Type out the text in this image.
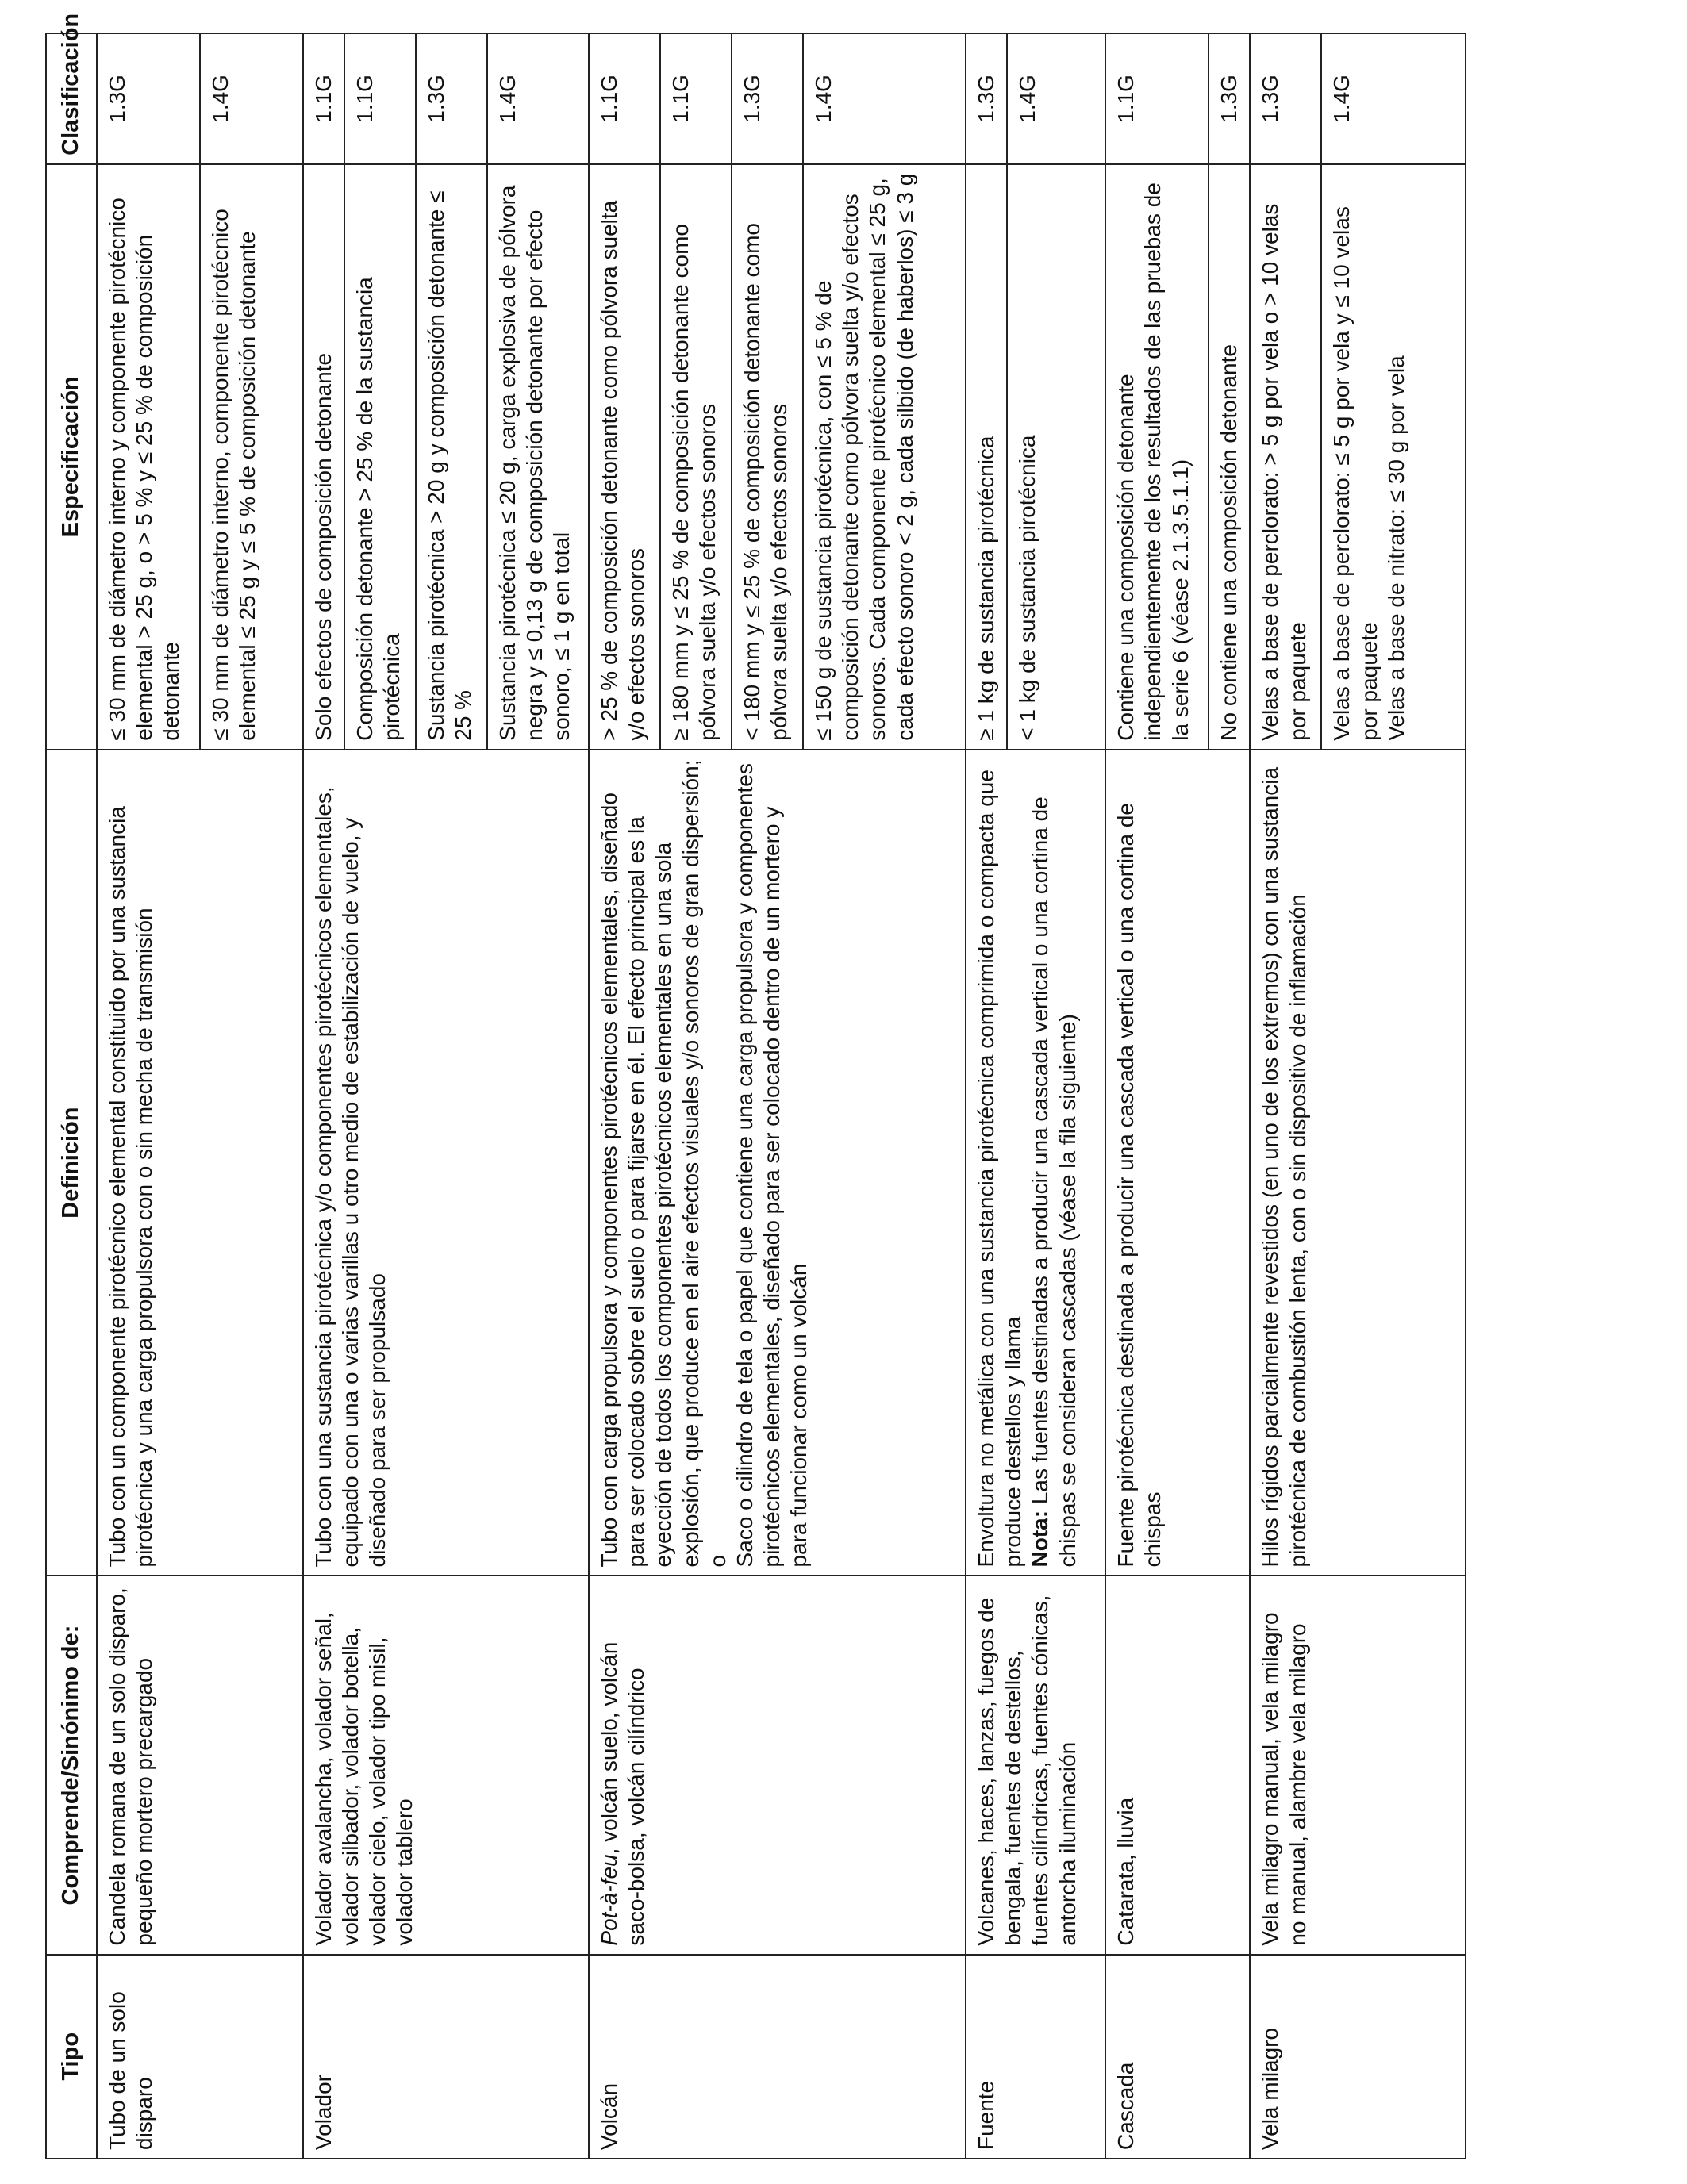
Tipo	Comprende/Sinónimo de:	Definición	Especificación	Clasificación
Tubo de un solo disparo	Candela romana de un solo disparo, pequeño mortero precargado	Tubo con un componente pirotécnico elemental constituido por una sustancia pirotécnica y una carga propulsora con o sin mecha de transmisión	≤ 30 mm de diámetro interno y componente pirotécnico elemental > 25 g, o > 5 % y ≤ 25 % de composición detonante	1.3G
			≤ 30 mm de diámetro interno, componente pirotécnico elemental ≤ 25 g y ≤ 5 % de composición detonante	1.4G
Volador	Volador avalancha, volador señal, volador silbador, volador botella, volador cielo, volador tipo misil, volador tablero	Tubo con una sustancia pirotécnica y/o componentes pirotécnicos elementales, equipado con una o varias varillas u otro medio de estabilización de vuelo, y diseñado para ser propulsado	Solo efectos de composición detonante	1.1G
			Composición detonante > 25 % de la sustancia pirotécnica	1.1G
			Sustancia pirotécnica > 20 g y composición detonante ≤ 25 %	1.3G
			Sustancia pirotécnica ≤ 20 g, carga explosiva de pólvora negra y ≤ 0,13 g de composición detonante por efecto sonoro, ≤ 1 g en total	1.4G
Volcán	Pot-à-feu, volcán suelo, volcán saco-bolsa, volcán cilíndrico	Tubo con carga propulsora y componentes pirotécnicos elementales, diseñado para ser colocado sobre el suelo o para fijarse en él. El efecto principal es la eyección de todos los componentes pirotécnicos elementales en una sola explosión, que produce en el aire efectos visuales y/o sonoros de gran dispersión; o Saco o cilindro de tela o papel que contiene una carga propulsora y componentes pirotécnicos elementales, diseñado para ser colocado dentro de un mortero y para funcionar como un volcán	> 25 % de composición detonante como pólvora suelta y/o efectos sonoros	1.1G
			≥ 180 mm y ≤ 25 % de composición detonante como pólvora suelta y/o efectos sonoros	1.1G
			< 180 mm y ≤ 25 % de composición detonante como pólvora suelta y/o efectos sonoros	1.3G
			≤ 150 g de sustancia pirotécnica, con ≤ 5 % de composición detonante como pólvora suelta y/o efectos sonoros. Cada componente pirotécnico elemental ≤ 25 g, cada efecto sonoro < 2 g, cada silbido (de haberlos) ≤ 3 g	1.4G
Fuente	Volcanes, haces, lanzas, fuegos de bengala, fuentes de destellos, fuentes cilíndricas, fuentes cónicas, antorcha iluminación	Envoltura no metálica con una sustancia pirotécnica comprimida o compacta que produce destellos y llama Nota: Las fuentes destinadas a producir una cascada vertical o una cortina de chispas se consideran cascadas (véase la fila siguiente)	≥ 1 kg de sustancia pirotécnica	1.3G
			< 1 kg de sustancia pirotécnica	1.4G
Cascada	Catarata, lluvia	Fuente pirotécnica destinada a producir una cascada vertical o una cortina de chispas	Contiene una composición detonante independientemente de los resultados de las pruebas de la serie 6 (véase 2.1.3.5.1.1)	1.1G
			No contiene una composición detonante	1.3G
Vela milagro	Vela milagro manual, vela milagro no manual, alambre vela milagro	Hilos rígidos parcialmente revestidos (en uno de los extremos) con una sustancia pirotécnica de combustión lenta, con o sin dispositivo de inflamación	Velas a base de perclorato: > 5 g por vela o > 10 velas por paquete	1.3G

			Velas a base de perclorato: ≤ 5 g por vela y ≤ 10 velas por paquete Velas a base de nitrato: ≤ 30 g por vela	1.4G
